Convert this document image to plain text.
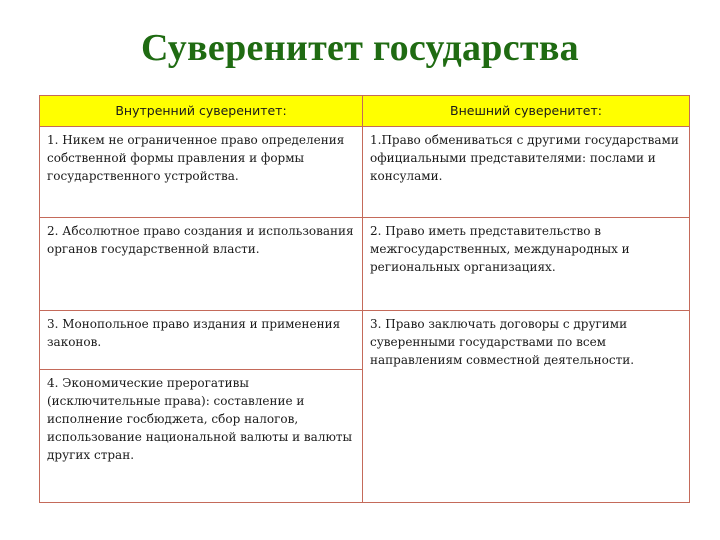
Суверенитет государства
Внутренний суверенитет:	Внешний суверенитет:
1. Никем не ограниченное право определения собственной формы правления и формы государственного устройства.	1.Право обмениваться с другими государствами официальными представителями: послами и консулами.
2. Абсолютное право создания и использования органов государственной власти.	2. Право иметь представительство в межгосударственных, международных и региональных организациях.
3. Монопольное право издания и применения законов.	3. Право заключать договоры с другими суверенными государствами по всем направлениям совместной деятельности.
4. Экономические прерогативы (исключительные права): составление и исполнение госбюджета, сбор налогов, использование национальной валюты и валюты других стран.	
